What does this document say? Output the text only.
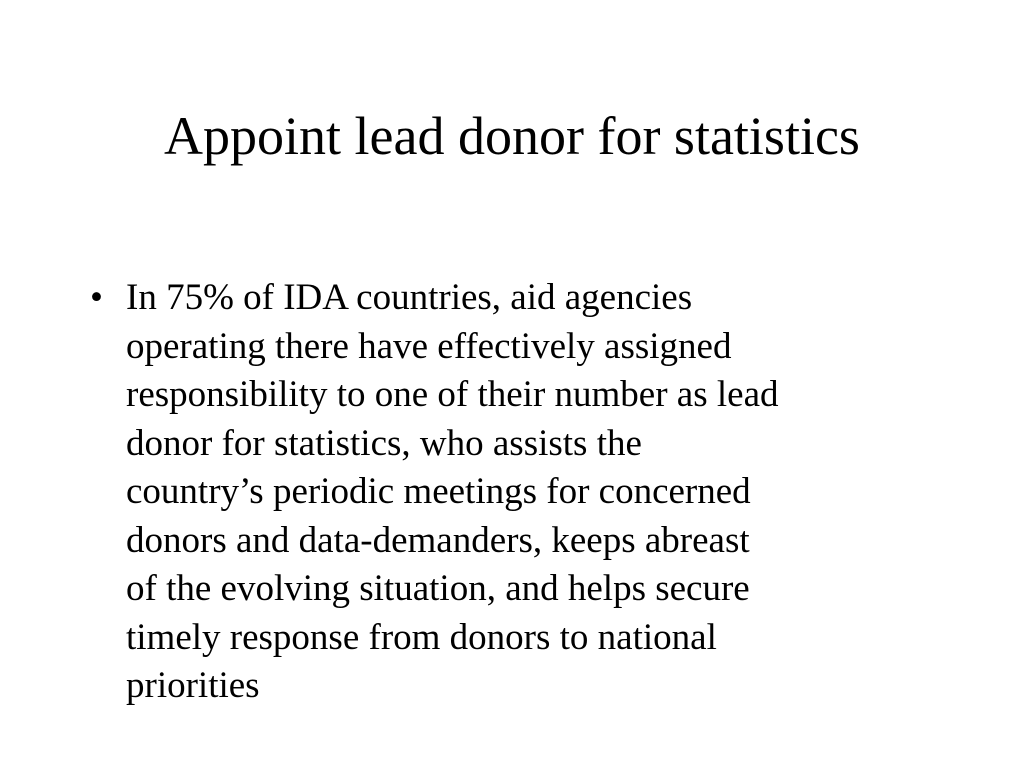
Appoint lead donor for statistics
• In 75% of IDA countries, aid agencies
operating there have effectively assigned
responsibility to one of their number as lead
donor for statistics, who assists the
country’s periodic meetings for concerned
donors and data-demanders, keeps abreast
of the evolving situation, and helps secure
timely response from donors to national
priorities
